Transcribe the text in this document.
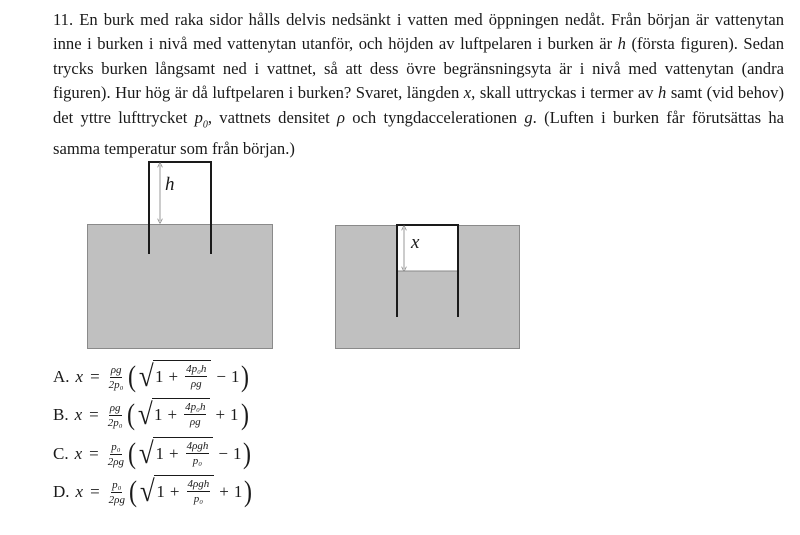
11. En burk med raka sidor hålls delvis nedsänkt i vatten med öppningen nedåt. Från början är vattenytan inne i burken i nivå med vattenytan utanför, och höjden av luftpelaren i burken är h (första figuren). Sedan trycks burken långsamt ned i vattnet, så att dess övre begränsningsyta är i nivå med vattenytan (andra figuren). Hur hög är då luftpelaren i burken? Svaret, längden x, skall uttryckas i termer av h samt (vid behov) det yttre lufttrycket $p_0$, vattnets densitet ρ och tyngdaccelerationen g. (Luften i burken får förutsättas ha samma temperatur som från början.)
h
x
A. $x = \frac{\rho g}{\text{2p₀}}$ ( √ $1 + \frac{\text{4p₀h}}{\rho g} - 1$ )
B. $x = \frac{\rho g}{\text{2p₀}}$ ( √ $1 + \frac{\text{4p₀h}}{\rho g} + 1$ )
C. $x = \frac{\text{p₀}}{2\rho g}$ ( √ $1 + \frac{\text{4ρgh}}{\text{p₀}} - 1$ )
D. $x = \frac{\text{p₀}}{2\rho g}$ ( √ $1 + \frac{\text{4ρgh}}{\text{p₀}} + 1$ )
